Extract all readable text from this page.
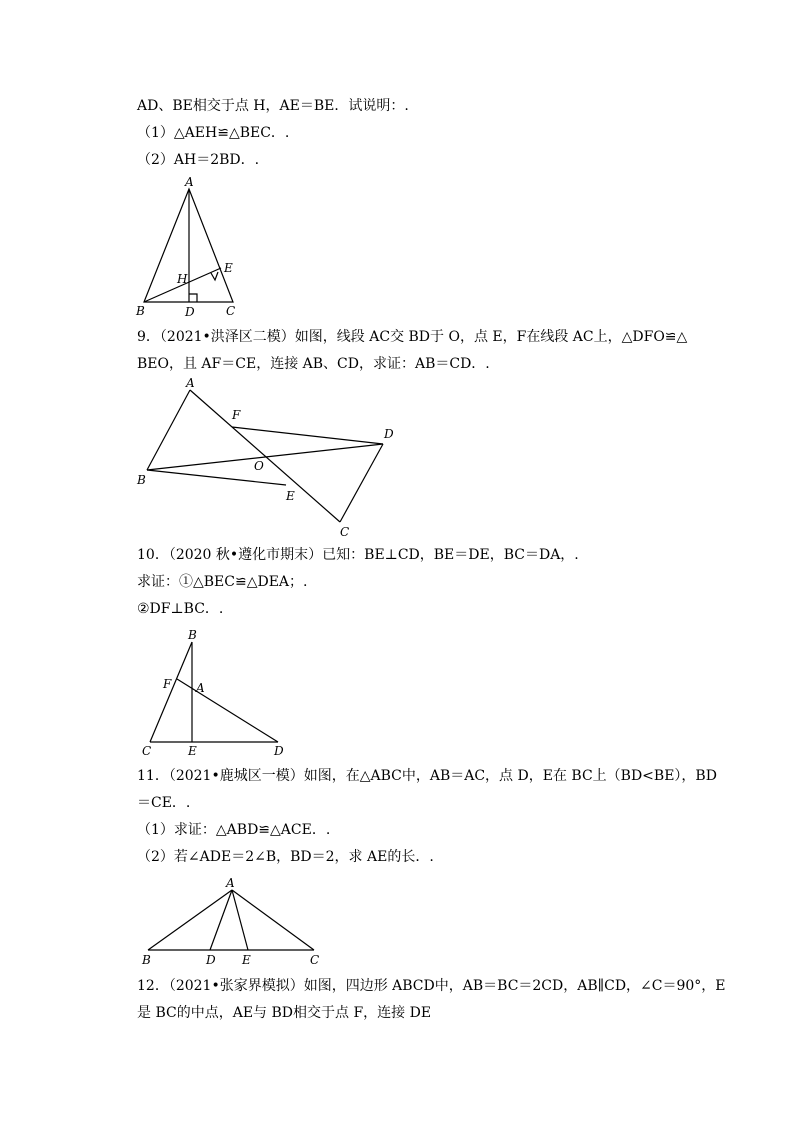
AD、BE相交于点 H，AE＝BE．试说明：.
（1）△AEH≌△BEC．.
（2）AH＝2BD．.
A
B	C
D
E
H
9．（2021•洪泽区二模）如图，线段 AC交 BD于 O，点 E，F在线段 AC上，△DFO≌△
BEO，且 AF＝CE，连接 AB、CD，求证：AB＝CD．.
A
B
C
D
E
F
O
10．（2020 秋•遵化市期末）已知：BE⊥CD，BE＝DE，BC＝DA，.
求证：①△BEC≌△DEA；.
②DF⊥BC．.
B
F A
C	E	D
11．（2021•鹿城区一模）如图，在△ABC中，AB＝AC，点 D，E在 BC上（BD<BE），BD
＝CE．.
（1）求证：△ABD≌△ACE．.
（2）若∠ADE＝2∠B，BD＝2，求 AE的长．.
A
B	D E	C
12．（2021•张家界模拟）如图，四边形 ABCD中，AB＝BC＝2CD，AB∥CD，∠C＝90°，E
是 BC的中点，AE与 BD相交于点 F，连接 DE
